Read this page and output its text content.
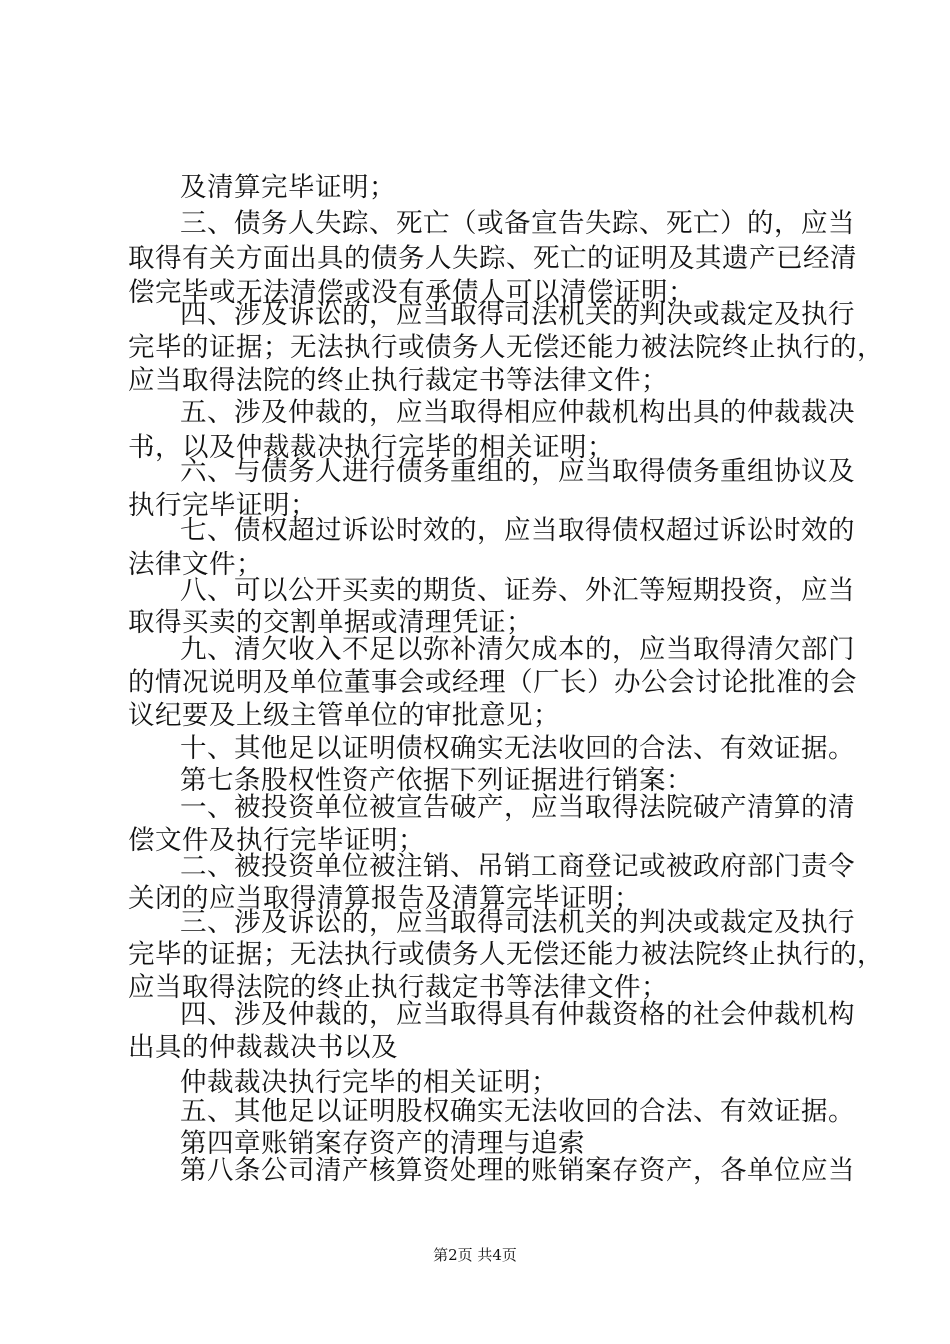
及清算完毕证明；
三、债务人失踪、死亡（或备宣告失踪、死亡）的，应当
取得有关方面出具的债务人失踪、死亡的证明及其遗产已经清
偿完毕或无法清偿或没有承债人可以清偿证明；
四、涉及诉讼的，应当取得司法机关的判决或裁定及执行
完毕的证据；无法执行或债务人无偿还能力被法院终止执行的，
应当取得法院的终止执行裁定书等法律文件；
五、涉及仲裁的，应当取得相应仲裁机构出具的仲裁裁决
书，以及仲裁裁决执行完毕的相关证明；
六、与债务人进行债务重组的，应当取得债务重组协议及
执行完毕证明；
七、债权超过诉讼时效的，应当取得债权超过诉讼时效的
法律文件；
八、可以公开买卖的期货、证券、外汇等短期投资，应当
取得买卖的交割单据或清理凭证；
九、清欠收入不足以弥补清欠成本的，应当取得清欠部门
的情况说明及单位董事会或经理（厂长）办公会讨论批准的会
议纪要及上级主管单位的审批意见；
十、其他足以证明债权确实无法收回的合法、有效证据。
第七条股权性资产依据下列证据进行销案：
一、被投资单位被宣告破产，应当取得法院破产清算的清
偿文件及执行完毕证明；
二、被投资单位被注销、吊销工商登记或被政府部门责令
关闭的应当取得清算报告及清算完毕证明；
三、涉及诉讼的，应当取得司法机关的判决或裁定及执行
完毕的证据；无法执行或债务人无偿还能力被法院终止执行的，
应当取得法院的终止执行裁定书等法律文件；
四、涉及仲裁的，应当取得具有仲裁资格的社会仲裁机构
出具的仲裁裁决书以及
仲裁裁决执行完毕的相关证明；
五、其他足以证明股权确实无法收回的合法、有效证据。
第四章账销案存资产的清理与追索
第八条公司清产核算资处理的账销案存资产，各单位应当
第2页 共4页
